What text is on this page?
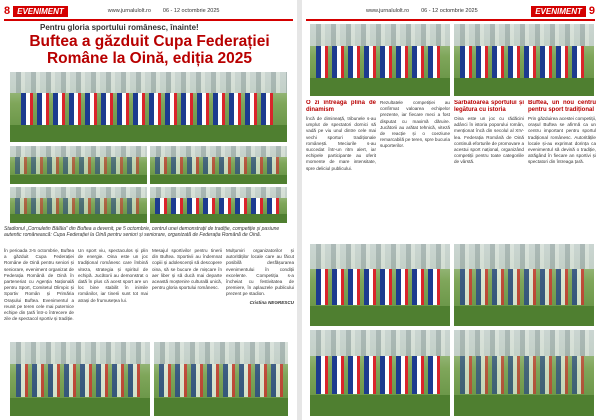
8 EVENIMENT	www.jurnalulolt.ro 06 - 12 octombrie 2025
Pentru gloria sportului românesc, înainte!
Buftea a găzduit Cupa Federației Române la Oină, ediția 2025
Stadionul „Cornuletin Bâlăia” din Buftea a devenit, pe 5 octombrie, centrul unei demonstrații de tradiție, competiție și pasiune autentic românească: Cupa Federației la Oină pentru seniori și seniorare, organizată de Federația Română de Oină.

În perioada 3-5 octombrie, Buftea a găzduit Cupa Federației Române de Oină pentru seniori și seniorare, eveniment organizat de Federația Română de Oină în parteneriat cu Agenția Națională pentru Sport, Comitetul Olimpic și Sportiv Român și Primăria Orașului Buftea. Evenimentul a reunit pe teren cele mai puternice echipe din țară într-o întrecere de zile de spectacol sportiv și tradiție.

Un sport viu, spectaculos și plin de energie. Oina este un joc tradițional românesc care îmbină viteza, strategia și spiritul de echipă. Jucătorii au demonstrat o dată în plus că acest sport are un loc bine stabilit în inimile românilor, iar tinerii sunt tot mai atrași de frumusețea lui.

Mesajul sportivilor pentru tinerii din Buftea. Sportivii au îndemnat copiii și adolescenții să descopere oina, să se bucure de mișcare în aer liber și să ducă mai departe această moștenire culturală unică, pentru gloria sportului românesc.

Mulțumiri organizatorilor și autorităților locale care au făcut posibilă desfășurarea evenimentului în condiții excelente. Competiția s-a încheiat cu festivitatea de premiere, în aplauzele publicului prezent pe stadion.

Cristina NEGRESCU
www.jurnalulolt.ro 06 - 12 octombrie 2025	EVENIMENT 9
O zi întreagă plină de dinamism

Încă de dimineață, tribunele s-au umplut de spectatori dornici să vadă pe viu unul dintre cele mai vechi sporturi tradiționale românești. Meciurile s-au succedat într-un ritm alert, iar echipele participante au oferit momente de mare intensitate, spre deliciul publicului.

Rezultatele competiției au confirmat valoarea echipelor prezente, iar fiecare meci a fost disputat cu maximă dăruire. Jucătorii au arătat tehnică, viteză de reacție și o coeziune remarcabilă pe teren, spre bucuria suporterilor.

Sărbătoarea sportului și legătura cu istoria

Oina este un joc cu rădăcini adânci în istoria poporului român, menționat încă din secolul al XIV-lea. Federația Română de Oină continuă eforturile de promovare a acestui sport național, organizând competiții pentru toate categoriile de vârstă.

Buftea, un nou centru pentru sport tradițional

Prin găzduirea acestei competiții, orașul Buftea se afirmă ca un centru important pentru sportul tradițional românesc. Autoritățile locale și-au exprimat dorința ca evenimentul să devină o tradiție, atrăgând în fiecare an sportivi și spectatori din întreaga țară.
